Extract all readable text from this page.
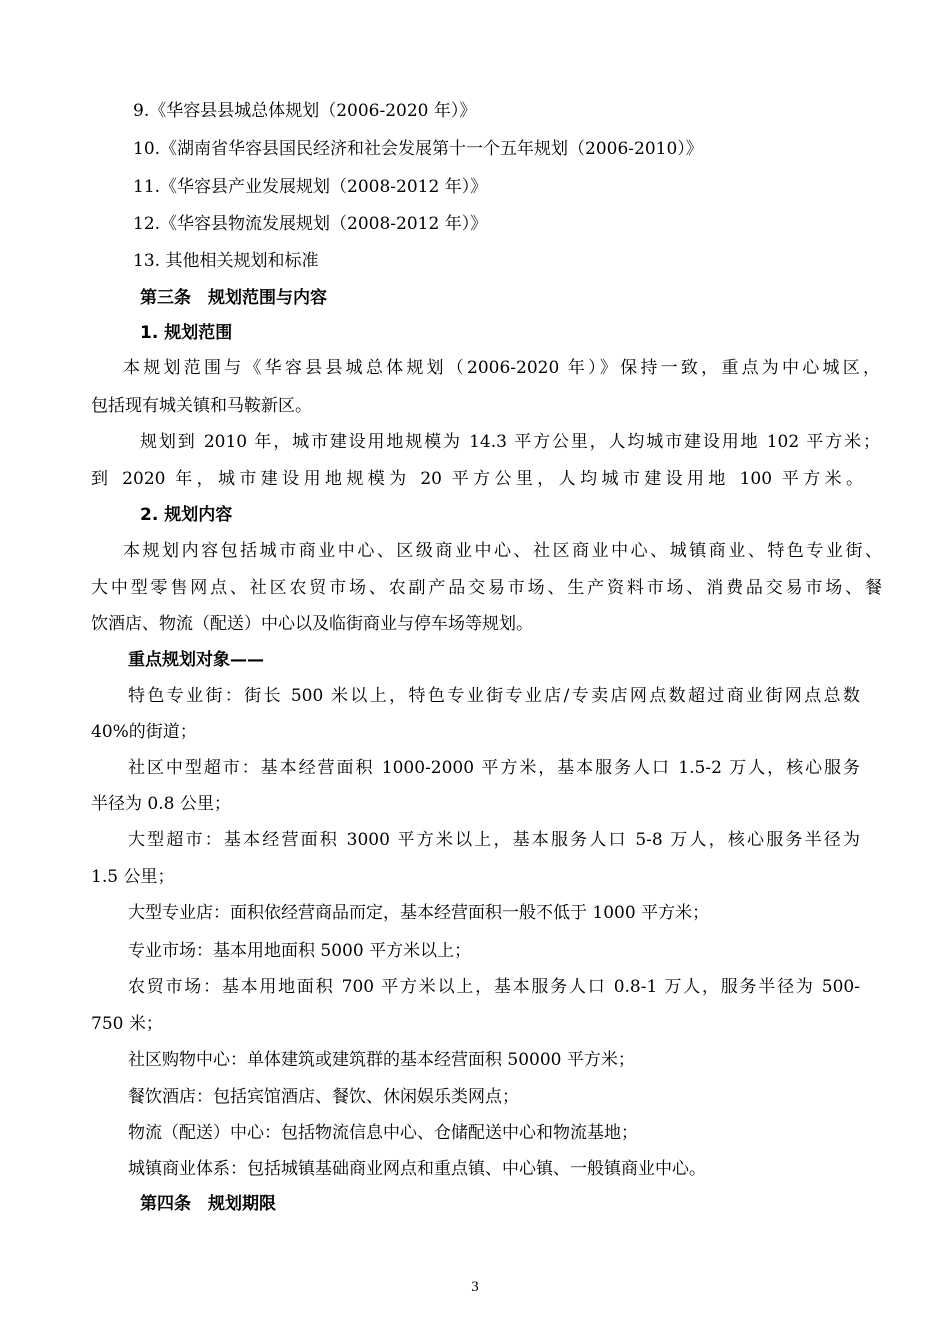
9.《华容县县城总体规划（2006-2020 年）》
10.《湖南省华容县国民经济和社会发展第十一个五年规划（2006-2010）》
11.《华容县产业发展规划（2008-2012 年）》
12.《华容县物流发展规划（2008-2012 年）》
13. 其他相关规划和标准
第三条　规划范围与内容
1. 规划范围
本规划范围与《华容县县城总体规划（2006-2020 年）》保持一致，重点为中心城区，
包括现有城关镇和马鞍新区。
规划到 2010 年，城市建设用地规模为 14.3 平方公里，人均城市建设用地 102 平方米；
到 2020 年，城市建设用地规模为 20 平方公里，人均城市建设用地 100 平方米。
2. 规划内容
本规划内容包括城市商业中心、区级商业中心、社区商业中心、城镇商业、特色专业街、
大中型零售网点、社区农贸市场、农副产品交易市场、生产资料市场、消费品交易市场、餐
饮酒店、物流（配送）中心以及临街商业与停车场等规划。
重点规划对象——
特色专业街：街长 500 米以上，特色专业街专业店/专卖店网点数超过商业街网点总数
40%的街道；
社区中型超市：基本经营面积 1000-2000 平方米，基本服务人口 1.5-2 万人，核心服务
半径为 0.8 公里；
大型超市：基本经营面积 3000 平方米以上，基本服务人口 5-8 万人，核心服务半径为
1.5 公里；
大型专业店：面积依经营商品而定，基本经营面积一般不低于 1000 平方米；
专业市场：基本用地面积 5000 平方米以上；
农贸市场：基本用地面积 700 平方米以上，基本服务人口 0.8-1 万人，服务半径为 500-
750 米；
社区购物中心：单体建筑或建筑群的基本经营面积 50000 平方米；
餐饮酒店：包括宾馆酒店、餐饮、休闲娱乐类网点；
物流（配送）中心：包括物流信息中心、仓储配送中心和物流基地；
城镇商业体系：包括城镇基础商业网点和重点镇、中心镇、一般镇商业中心。
第四条　规划期限
3
